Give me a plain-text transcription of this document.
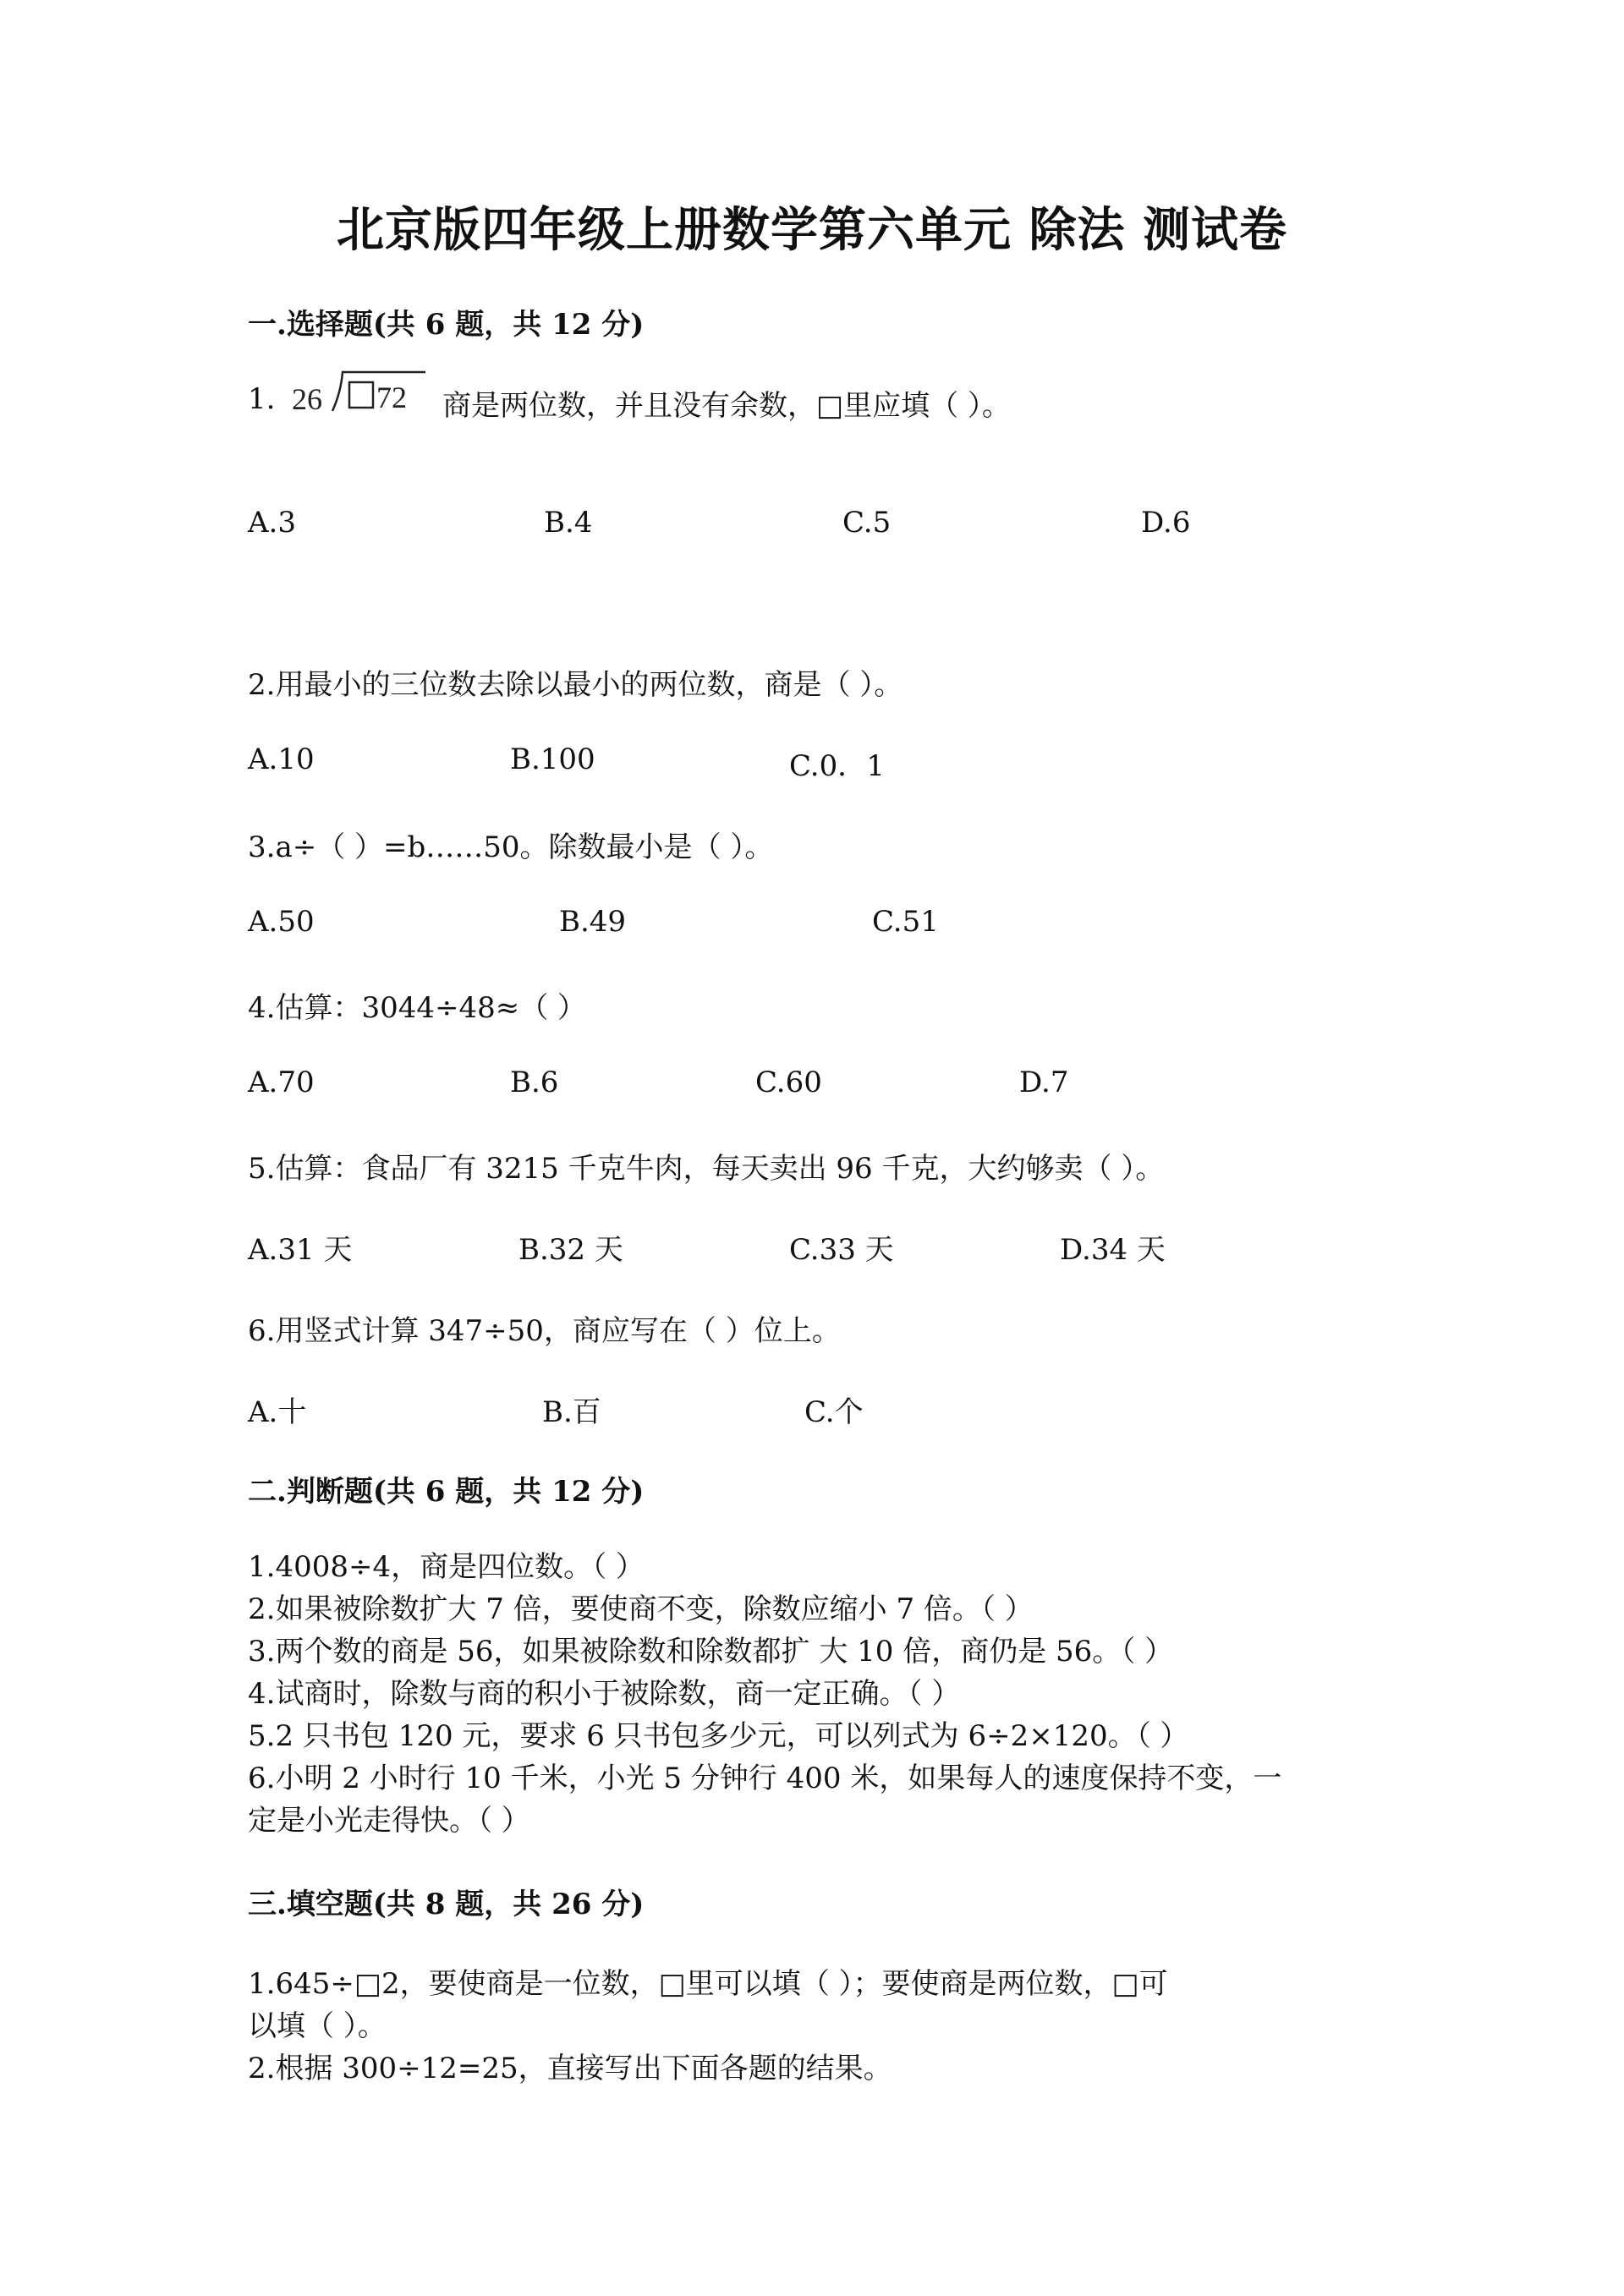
北京版四年级上册数学第六单元 除法 测试卷
一.选择题(共 6 题，共 12 分)
1. 26 72 商是两位数，并且没有余数，□里应填（ ）。
A.3	B.4	C.5	D.6
2.用最小的三位数去除以最小的两位数，商是（ ）。
A.10	B.100	C.0．1
3.a÷（ ）=b……50。除数最小是（ ）。
A.50	B.49	C.51
4.估算：3044÷48≈（ ）
A.70	B.6	C.60	D.7
5.估算：食品厂有 3215 千克牛肉，每天卖出 96 千克，大约够卖（ ）。
A.31 天	B.32 天	C.33 天	D.34 天
6.用竖式计算 347÷50，商应写在（ ）位上。
A.十	B.百	C.个
二.判断题(共 6 题，共 12 分)
1.4008÷4，商是四位数。（ ）
2.如果被除数扩大 7 倍，要使商不变，除数应缩小 7 倍。（ ）
3.两个数的商是 56，如果被除数和除数都扩 大 10 倍，商仍是 56。（ ）
4.试商时，除数与商的积小于被除数，商一定正确。（ ）
5.2 只书包 120 元，要求 6 只书包多少元，可以列式为 6÷2×120。（ ）
6.小明 2 小时行 10 千米，小光 5 分钟行 400 米，如果每人的速度保持不变，一
定是小光走得快。（ ）
三.填空题(共 8 题，共 26 分)
1.645÷□2，要使商是一位数，□里可以填（ ）；要使商是两位数，□可
以填（ ）。
2.根据 300÷12=25，直接写出下面各题的结果。
